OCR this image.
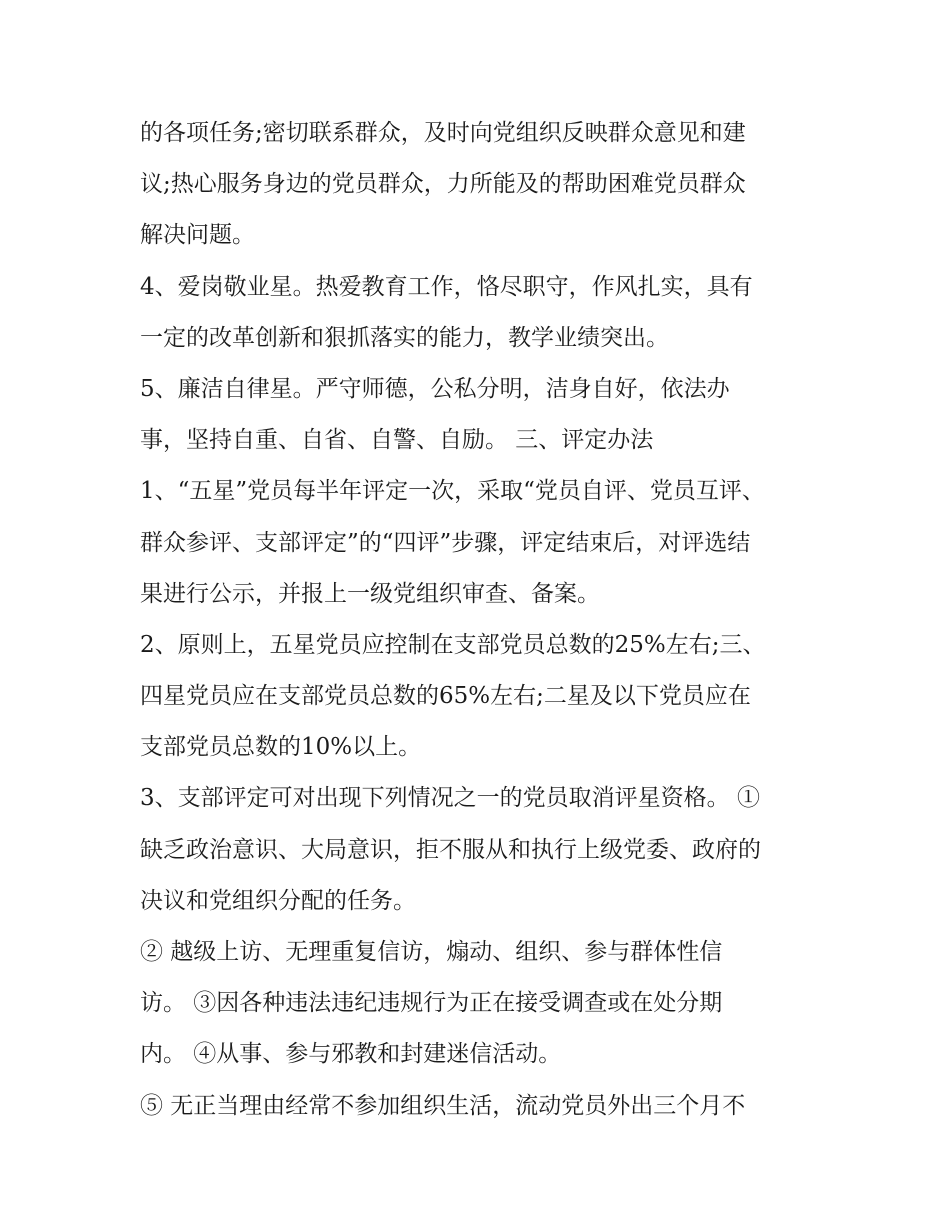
的各项任务;密切联系群众，及时向党组织反映群众意见和建
议;热心服务身边的党员群众，力所能及的帮助困难党员群众
解决问题。
4、爱岗敬业星。热爱教育工作，恪尽职守，作风扎实，具有
一定的改革创新和狠抓落实的能力，教学业绩突出。
5、廉洁自律星。严守师德，公私分明，洁身自好，依法办
事，坚持自重、自省、自警、自励。 三、评定办法
1、“五星”党员每半年评定一次，采取“党员自评、党员互评、
群众参评、支部评定”的“四评”步骤，评定结束后，对评选结
果进行公示，并报上一级党组织审查、备案。
2、原则上，五星党员应控制在支部党员总数的25%左右;三、
四星党员应在支部党员总数的65%左右;二星及以下党员应在
支部党员总数的10%以上。
3、支部评定可对出现下列情况之一的党员取消评星资格。 ①
缺乏政治意识、大局意识，拒不服从和执行上级党委、政府的
决议和党组织分配的任务。
② 越级上访、无理重复信访，煽动、组织、参与群体性信
访。 ③因各种违法违纪违规行为正在接受调查或在处分期
内。 ④从事、参与邪教和封建迷信活动。
⑤ 无正当理由经常不参加组织生活，流动党员外出三个月不
